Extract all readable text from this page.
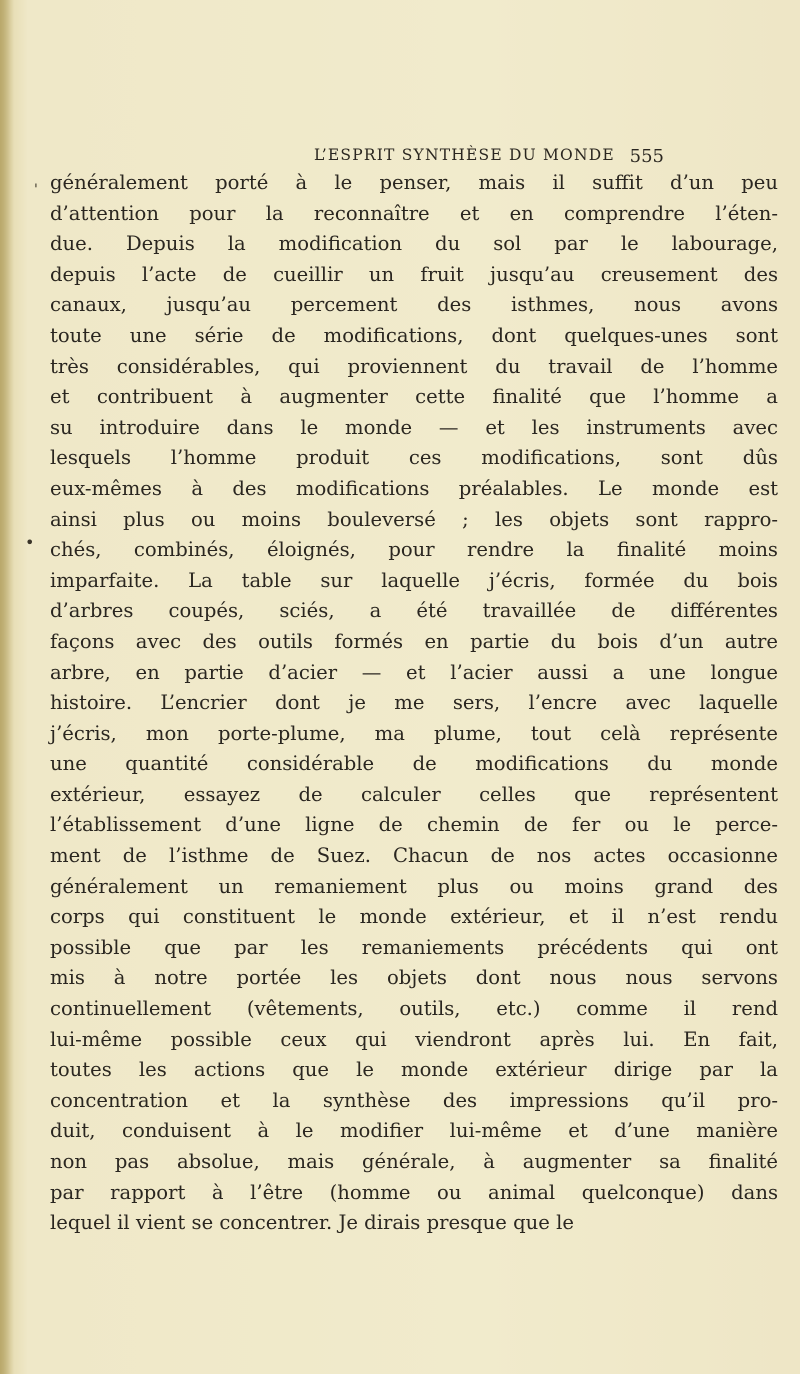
L’ESPRIT SYNTHÈSE DU MONDE 555
'
•
généralement porté à le penser, mais il suffit d’un peu
d’attention pour la reconnaître et en comprendre l’éten-
due. Depuis la modification du sol par le labourage,
depuis l’acte de cueillir un fruit jusqu’au creusement des
canaux, jusqu’au percement des isthmes, nous avons
toute une série de modifications, dont quelques-unes sont
très considérables, qui proviennent du travail de l’homme
et contribuent à augmenter cette finalité que l’homme a
su introduire dans le monde — et les instruments avec
lesquels l’homme produit ces modifications, sont dûs
eux-mêmes à des modifications préalables. Le monde est
ainsi plus ou moins bouleversé ; les objets sont rappro-
chés, combinés, éloignés, pour rendre la finalité moins
imparfaite. La table sur laquelle j’écris, formée du bois
d’arbres coupés, sciés, a été travaillée de différentes
façons avec des outils formés en partie du bois d’un autre
arbre, en partie d’acier — et l’acier aussi a une longue
histoire. L’encrier dont je me sers, l’encre avec laquelle
j’écris, mon porte-plume, ma plume, tout celà représente
une quantité considérable de modifications du monde
extérieur, essayez de calculer celles que représentent
l’établissement d’une ligne de chemin de fer ou le perce-
ment de l’isthme de Suez. Chacun de nos actes occasionne
généralement un remaniement plus ou moins grand des
corps qui constituent le monde extérieur, et il n’est rendu
possible que par les remaniements précédents qui ont
mis à notre portée les objets dont nous nous servons
continuellement (vêtements, outils, etc.) comme il rend
lui-même possible ceux qui viendront après lui. En fait,
toutes les actions que le monde extérieur dirige par la
concentration et la synthèse des impressions qu’il pro-
duit, conduisent à le modifier lui-même et d’une manière
non pas absolue, mais générale, à augmenter sa finalité
par rapport à l’être (homme ou animal quelconque) dans
lequel il vient se concentrer. Je dirais presque que le
